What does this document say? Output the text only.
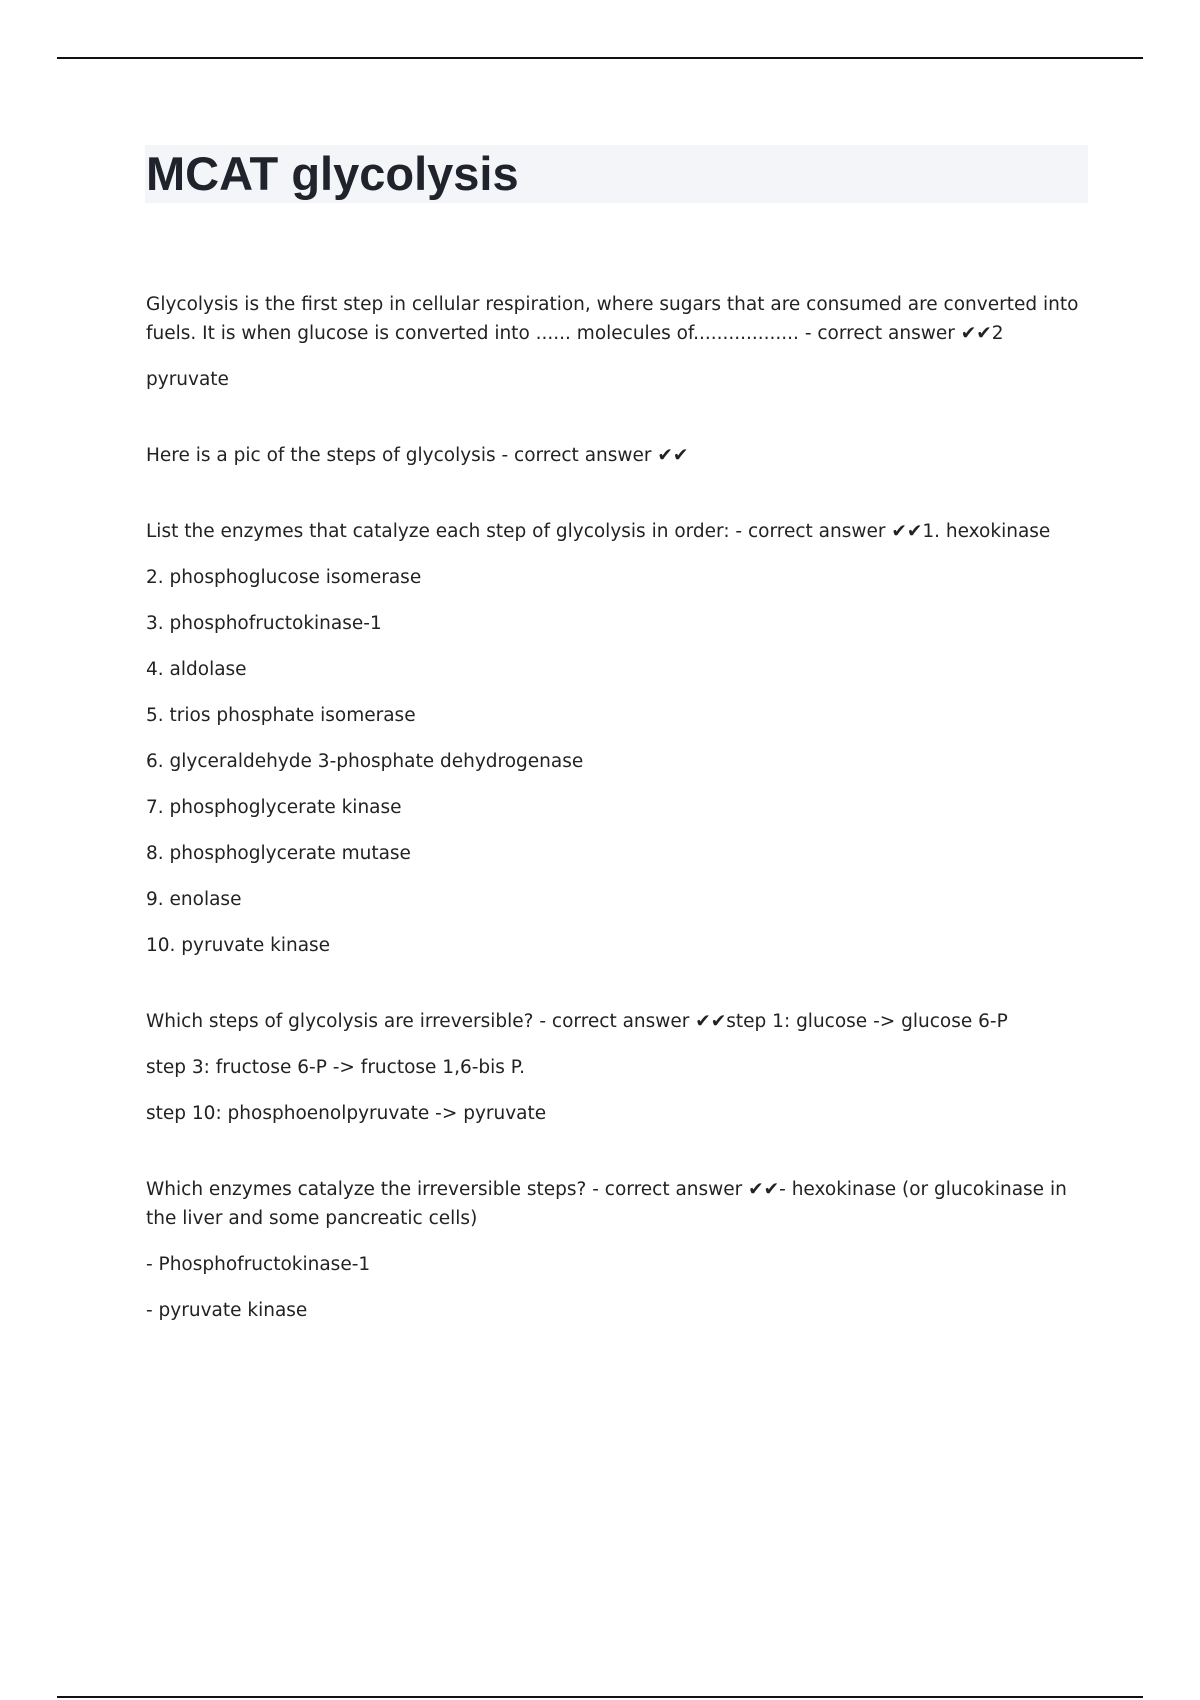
MCAT glycolysis

Glycolysis is the first step in cellular respiration, where sugars that are consumed are converted into fuels. It is when glucose is converted into ...... molecules of.................. - correct answer ✔✔2

pyruvate

Here is a pic of the steps of glycolysis - correct answer ✔✔

List the enzymes that catalyze each step of glycolysis in order: - correct answer ✔✔1. hexokinase

2. phosphoglucose isomerase

3. phosphofructokinase-1

4. aldolase

5. trios phosphate isomerase

6. glyceraldehyde 3-phosphate dehydrogenase

7. phosphoglycerate kinase

8. phosphoglycerate mutase

9. enolase

10. pyruvate kinase

Which steps of glycolysis are irreversible? - correct answer ✔✔step 1: glucose -> glucose 6-P

step 3: fructose 6-P -> fructose 1,6-bis P.

step 10: phosphoenolpyruvate -> pyruvate

Which enzymes catalyze the irreversible steps? - correct answer ✔✔- hexokinase (or glucokinase in the liver and some pancreatic cells)

- Phosphofructokinase-1

- pyruvate kinase
